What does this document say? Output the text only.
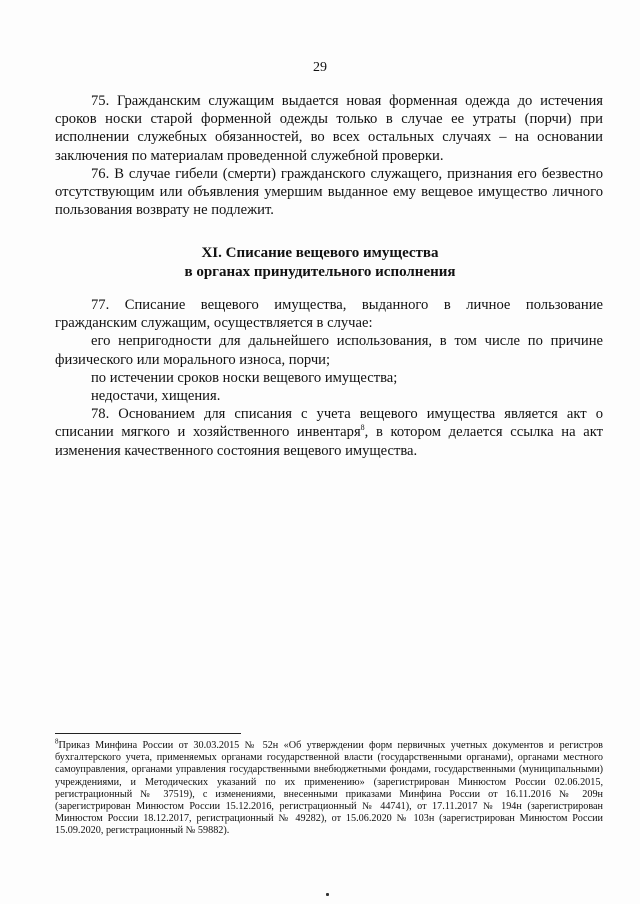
29

75. Гражданским служащим выдается новая форменная одежда до истечения сроков носки старой форменной одежды только в случае ее утраты (порчи) при исполнении служебных обязанностей, во всех остальных случаях – на основании заключения по материалам проведенной служебной проверки.

76. В случае гибели (смерти) гражданского служащего, признания его безвестно отсутствующим или объявления умершим выданное ему вещевое имущество личного пользования возврату не подлежит.

XI. Списание вещевого имущества
в органах принудительного исполнения

77. Списание вещевого имущества, выданного в личное пользование гражданским служащим, осуществляется в случае:

его непригодности для дальнейшего использования, в том числе по причине физического или морального износа, порчи;

по истечении сроков носки вещевого имущества;

недостачи, хищения.

78. Основанием для списания с учета вещевого имущества является акт о списании мягкого и хозяйственного инвентаря$^8$, в котором делается ссылка на акт изменения качественного состояния вещевого имущества.

$^8$Приказ Минфина России от 30.03.2015 № 52н «Об утверждении форм первичных учетных документов и регистров бухгалтерского учета, применяемых органами государственной власти (государственными органами), органами местного самоуправления, органами управления государственными внебюджетными фондами, государственными (муниципальными) учреждениями, и Методических указаний по их применению» (зарегистрирован Минюстом России 02.06.2015, регистрационный № 37519), с изменениями, внесенными приказами Минфина России от 16.11.2016 № 209н (зарегистрирован Минюстом России 15.12.2016, регистрационный № 44741), от 17.11.2017 № 194н (зарегистрирован Минюстом России 18.12.2017, регистрационный № 49282), от 15.06.2020 № 103н (зарегистрирован Минюстом России 15.09.2020, регистрационный № 59882).
